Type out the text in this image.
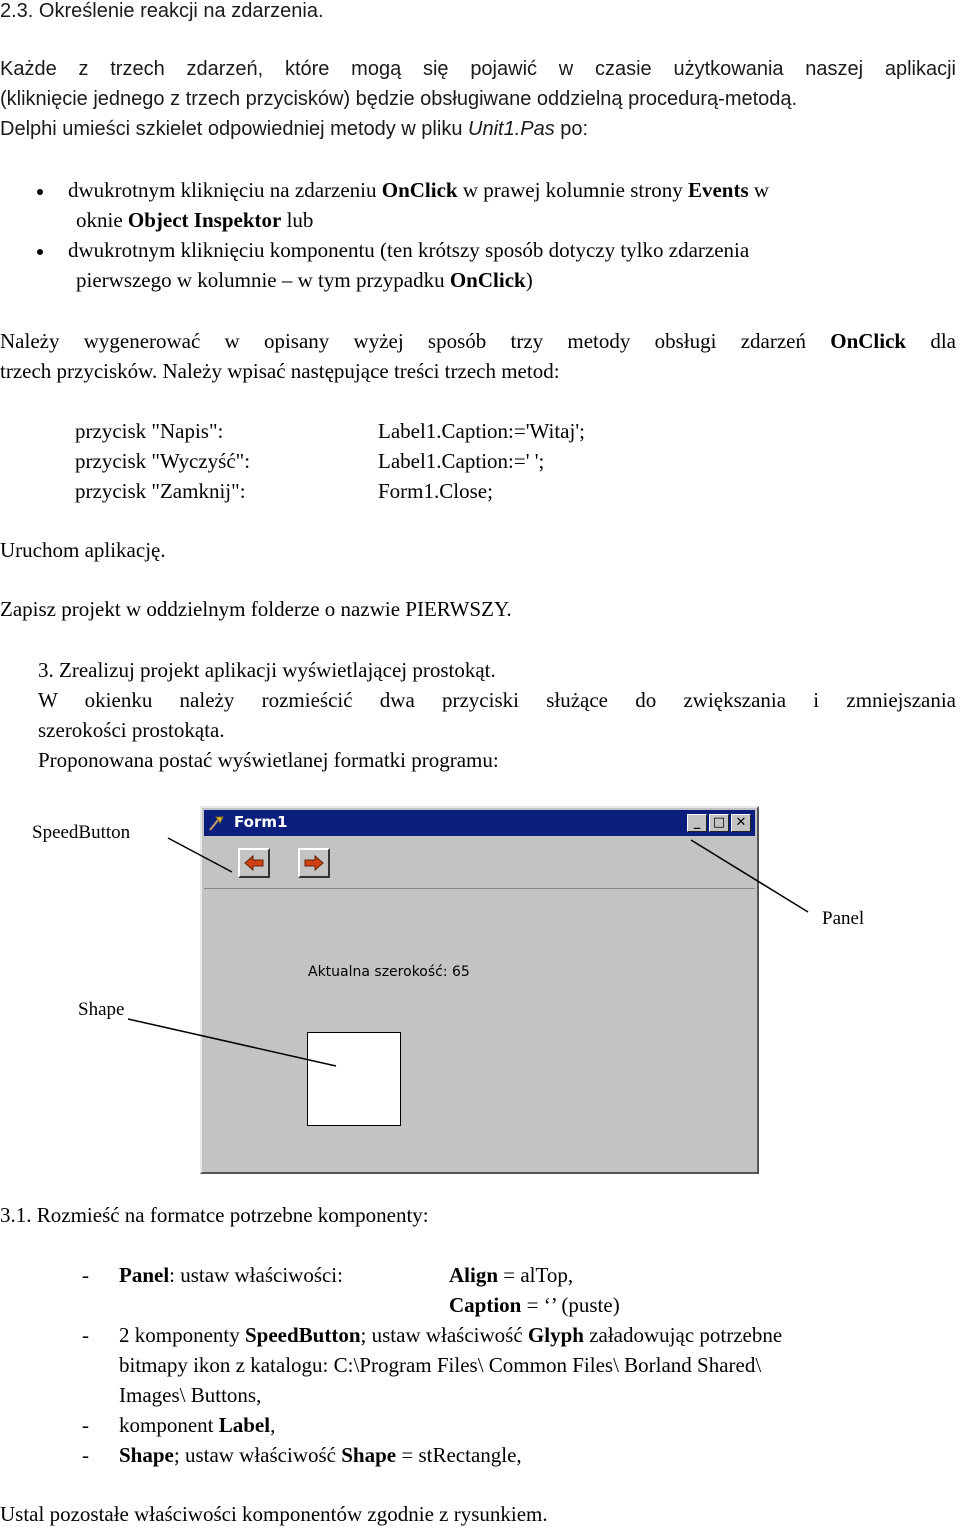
2.3. Określenie reakcji na zdarzenia.
Każde z trzech zdarzeń, które mogą się pojawić w czasie użytkowania naszej aplikacji
(kliknięcie jednego z trzech przycisków) będzie obsługiwane oddzielną procedurą-metodą.
Delphi umieści szkielet odpowiedniej metody w pliku Unit1.Pas po:
dwukrotnym kliknięciu na zdarzeniu OnClick w prawej kolumnie strony Events w
oknie Object Inspektor lub
dwukrotnym kliknięciu komponentu (ten krótszy sposób dotyczy tylko zdarzenia
pierwszego w kolumnie – w tym przypadku OnClick)
Należy wygenerować w opisany wyżej sposób trzy metody obsługi zdarzeń OnClick dla
trzech przycisków. Należy wpisać następujące treści trzech metod:
przycisk "Napis":	Label1.Caption:='Witaj';
przycisk "Wyczyść":	Label1.Caption:=' ';
przycisk "Zamknij":	Form1.Close;
Uruchom aplikację.
Zapisz projekt w oddzielnym folderze o nazwie PIERWSZY.
3. Zrealizuj projekt aplikacji wyświetlającej prostokąt.
W okienku należy rozmieścić dwa przyciski służące do zwiększania i zmniejszania
szerokości prostokąta.
Proponowana postać wyświetlanej formatki programu:
SpeedButton
Panel
Shape
Form1	_ □ ✕
Aktualna szerokość: 65
3.1. Rozmieść na formatce potrzebne komponenty:
- Panel: ustaw właściwości:	Align = alTop,
Caption = ‘’ (puste)
- 2 komponenty SpeedButton; ustaw właściwość Glyph załadowując potrzebne
bitmapy ikon z katalogu: C:\Program Files\ Common Files\ Borland Shared\
Images\ Buttons,
- komponent Label,
- Shape; ustaw właściwość Shape = stRectangle,
Ustal pozostałe właściwości komponentów zgodnie z rysunkiem.
